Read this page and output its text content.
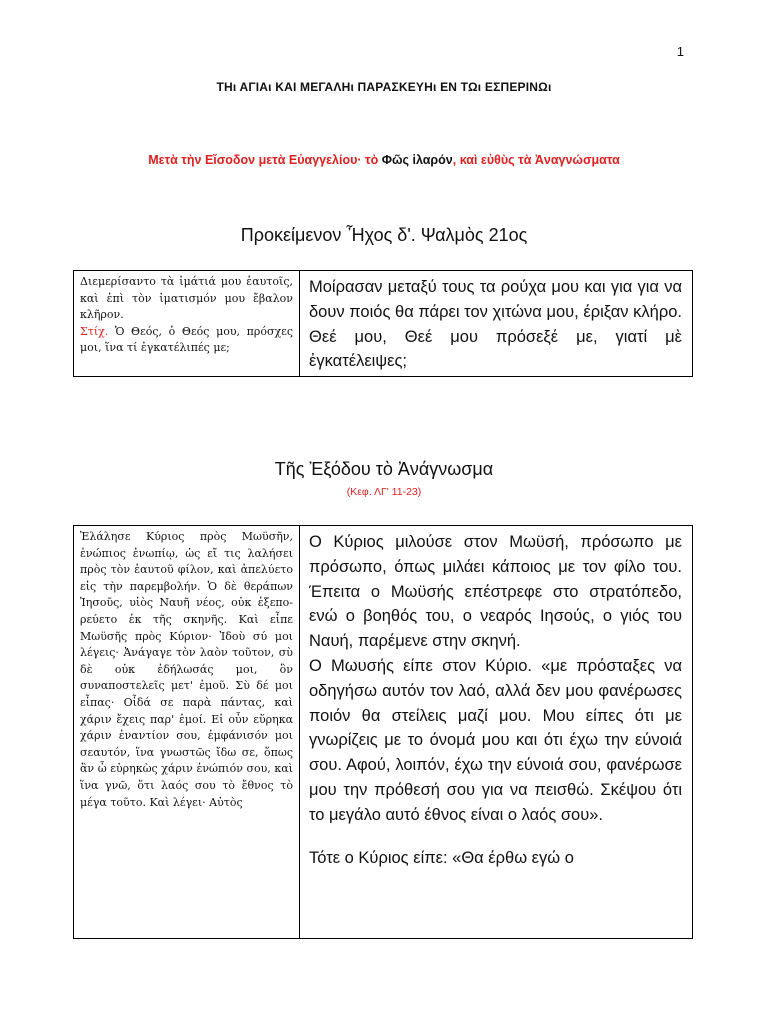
1
ΤΗι ΑΓΙΑι ΚΑΙ ΜΕΓΑΛΗι ΠΑΡΑΣΚΕΥΗι ΕΝ ΤΩι ΕΣΠΕΡΙΝΩι
Μετὰ τὴν Εἴσοδον μετὰ Εὐαγγελίου· τὸ Φῶς ἱλαρόν, καὶ εὐθὺς τὰ Ἀναγνώσματα
Προκείμενον Ἦχος δ'. Ψαλμὸς 21ος
Διεμερίσαντο τὰ ἱμάτιά μου ἑαυτοῖς, καὶ ἐπὶ τὸν ἱματισμόν μου ἔβαλον κλῆρον.
Στίχ. Ὁ Θεός, ὁ Θεός μου, πρόσχες μοι, ἵνα τί ἐγκατέλιπές με;

Μοίρασαν μεταξύ τους τα ρούχα μου και για για να δουν ποιός θα πάρει τον χιτώνα μου, έριξαν κλήρο. Θεέ μου, Θεέ μου πρόσεξέ με, γιατί μὲ ἐγκατέλειψες;
Τῆς Ἐξόδου τὸ Ἀνάγνωσμα
(Κεφ. ΛΓ' 11-23)
Ἐλάλησε Κύριος πρὸς Μωϋσῆν, ἐνώπιος ἐνωπίῳ, ὡς εἴ τις λαλήσει πρὸς τὸν ἑαυτοῦ φίλον, καὶ ἀπελύετο εἰς τὴν παρεμβολήν. Ὁ δὲ θεράπων Ἰησοῦς, υἱὸς Ναυῆ νέος, οὐκ ἐξεπορεύετο ἐκ τῆς σκηνῆς. Καὶ εἶπε Μωϋσῆς πρὸς Κύριον· Ἰδοὺ σύ μοι λέγεις· Ἀνάγαγε τὸν λαὸν τοῦτον, σὺ δὲ οὐκ ἐδήλωσάς μοι, ὃν συναποστελεῖς μετ' ἐμοῦ. Σὺ δέ μοι εἶπας· Οἶδά σε παρὰ πάντας, καὶ χάριν ἔχεις παρ' ἐμοί. Εἰ οὖν εὕρηκα χάριν ἐναντίον σου, ἐμφάνισόν μοι σεαυτόν, ἵνα γνωστῶς ἴδω σε, ὅπως ἂν ὦ εὑρηκὼς χάριν ἐνώπιόν σου, καὶ ἵνα γνῶ, ὅτι λαός σου τὸ ἔθνος τὸ μέγα τοῦτο. Καὶ λέγει· Αὐτὸς

Ο Κύριος μιλούσε στον Μωϋσή, πρόσωπο με πρόσωπο, όπως μιλάει κάποιος με τον φίλο του. Έπειτα ο Μωϋσής επέστρεφε στο στρατόπεδο, ενώ ο βοηθός του, ο νεαρός Ιησούς, ο γιός του Ναυή, παρέμενε στην σκηνή.
Ο Μωυσής είπε στον Κύριο. «με πρόσταξες να οδηγήσω αυτόν τον λαό, αλλά δεν μου φανέρωσες ποιόν θα στείλεις μαζί μου. Μου είπες ότι με γνωρίζεις με το όνομά μου και ότι έχω την εύνοιά σου. Αφού, λοιπόν, έχω την εύνοιά σου, φανέρωσε μου την πρόθεσή σου για να πεισθώ. Σκέψου ότι το μεγάλο αυτό έθνος είναι ο λαός σου».
Τότε ο Κύριος είπε: «Θα έρθω εγώ ο
